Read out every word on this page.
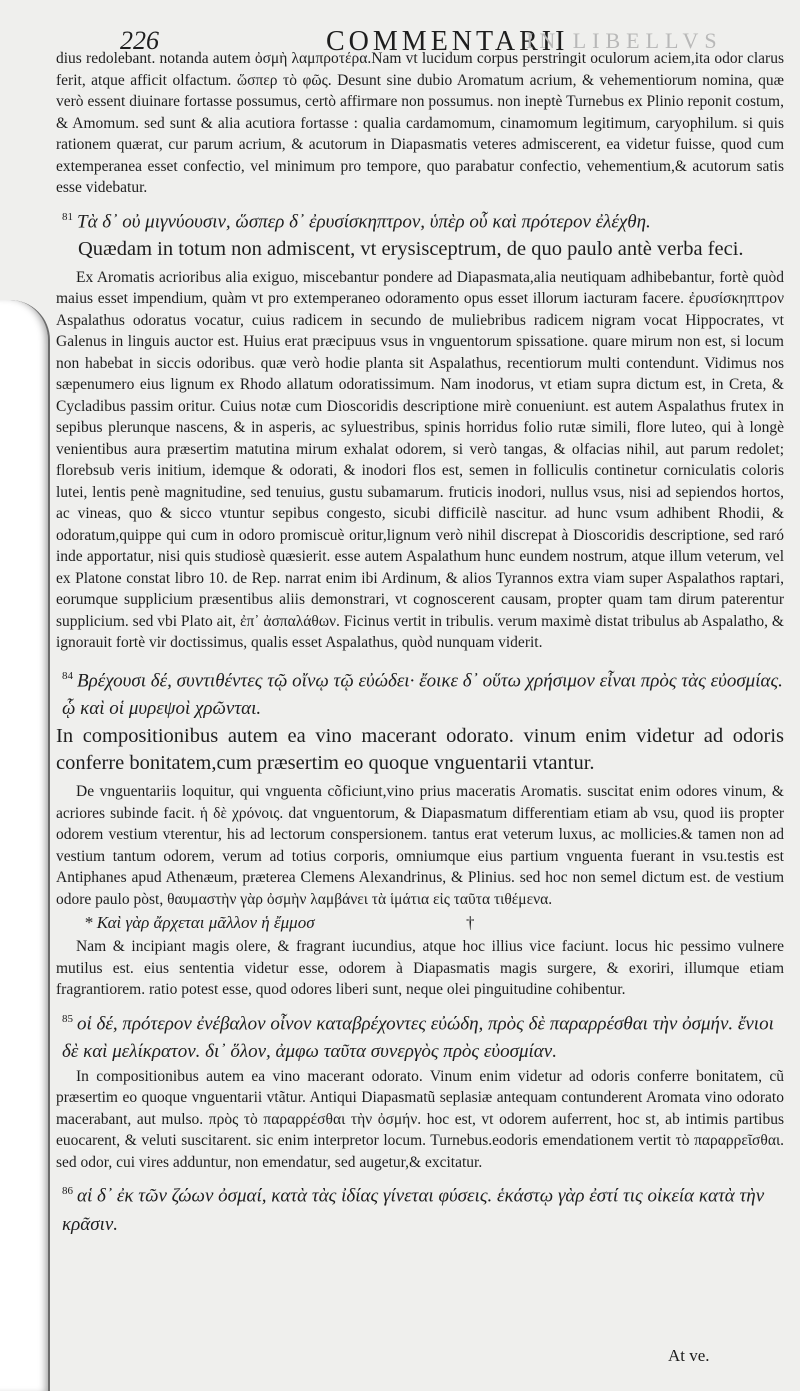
226	COMMENTARII
IN LIBELLVS

dius redolebant. notanda autem ὀσμὴ λαμπροτέρα.Nam vt lucidum corpus perstringit oculorum aciem,ita odor clarus ferit, atque afficit olfactum. ὥσπερ τὸ φῶς. Desunt sine dubio Aromatum acrium, & vehementiorum nomina, quæ verò essent diuinare fortasse possumus, certò affirmare non possumus. non ineptè Turnebus ex Plinio reponit costum, & Amomum. sed sunt & alia acutiora fortasse : qualia cardamomum, cinamomum legitimum, caryophilum. si quis rationem quærat, cur parum acrium, & acutorum in Diapasmatis veteres admiscerent, ea videtur fuisse, quod cum extemperanea esset confectio, vel minimum pro tempore, quo parabatur confectio, vehementium,& acutorum satis esse videbatur.

$^{81}$ Τὰ δ᾽ οὐ μιγνύουσιν, ὥσπερ δ᾽ ἐρυσίσκηπτρον, ὑπὲρ οὗ καὶ πρότερον ἐλέχθη.

Quædam in totum non admiscent, vt erysisceptrum, de quo paulo antè verba feci.

Ex Aromatis acrioribus alia exiguo, miscebantur pondere ad Diapasmata,alia neutiquam adhibebantur, fortè quòd maius esset impendium, quàm vt pro extemperaneo odoramento opus esset illorum iacturam facere. ἐρυσίσκηπτρον Aspalathus odoratus vocatur, cuius radicem in secundo de muliebribus radicem nigram vocat Hippocrates, vt Galenus in linguis auctor est. Huius erat præcipuus vsus in vnguentorum spissatione. quare mirum non est, si locum non habebat in siccis odoribus. quæ verò hodie planta sit Aspalathus, recentiorum multi contendunt. Vidimus nos sæpenumero eius lignum ex Rhodo allatum odoratissimum. Nam inodorus, vt etiam supra dictum est, in Creta, & Cycladibus passim oritur. Cuius notæ cum Dioscoridis descriptione mirè conueniunt. est autem Aspalathus frutex in sepibus plerunque nascens, & in asperis, ac syluestribus, spinis horridus folio rutæ simili, flore luteo, qui à longè venientibus aura præsertim matutina mirum exhalat odorem, si verò tangas, & olfacias nihil, aut parum redolet; florebsub veris initium, idemque & odorati, & inodori flos est, semen in folliculis continetur corniculatis coloris lutei, lentis penè magnitudine, sed tenuius, gustu subamarum. fruticis inodori, nullus vsus, nisi ad sepiendos hortos, ac vineas, quo & sicco vtuntur sepibus congesto, sicubi difficilè nascitur. ad hunc vsum adhibent Rhodii, & odoratum,quippe qui cum in odoro promiscuè oritur,lignum verò nihil discrepat à Dioscoridis descriptione, sed raró inde apportatur, nisi quis studiosè quæsierit. esse autem Aspalathum hunc eundem nostrum, atque illum veterum, vel ex Platone constat libro 10. de Rep. narrat enim ibi Ardinum, & alios Tyrannos extra viam super Aspalathos raptari, eorumque supplicium præsentibus aliis demonstrari, vt cognoscerent causam, propter quam tam dirum paterentur supplicium. sed vbi Plato ait, ἐπ᾽ ἀσπαλάθων. Ficinus vertit in tribulis. verum maximè distat tribulus ab Aspalatho, & ignorauit fortè vir doctissimus, qualis esset Aspalathus, quòd nunquam viderit.

$^{84}$ Βρέχουσι δέ, συντιθέντες τῷ οἴνῳ τῷ εὐώδει· ἔοικε δ᾽ οὕτω χρήσιμον εἶναι πρὸς τὰς εὐοσμίας. ᾧ καὶ οἱ μυρεψοὶ χρῶνται.

In compositionibus autem ea vino macerant odorato. vinum enim videtur ad odoris conferre bonitatem,cum præsertim eo quoque vnguentarii vtantur.

De vnguentariis loquitur, qui vnguenta cõficiunt,vino prius maceratis Aromatis. suscitat enim odores vinum, & acriores subinde facit. ἡ δὲ χρόνοις. dat vnguentorum, & Diapasmatum differentiam etiam ab vsu, quod iis propter odorem vestium vterentur, his ad lectorum conspersionem. tantus erat veterum luxus, ac mollicies.& tamen non ad vestium tantum odorem, verum ad totius corporis, omniumque eius partium vnguenta fuerant in vsu.testis est Antiphanes apud Athenæum, præterea Clemens Alexandrinus, & Plinius. sed hoc non semel dictum est. de vestium odore paulo pòst, θαυμαστὴν γὰρ ὀσμὴν λαμβάνει τὰ ἱμάτια εἰς ταῦτα τιθέμενα.

* Καὶ γὰρ ἄρχεται μᾶλλον ἡ ἔμμοσ	†

Nam & incipiant magis olere, & fragrant iucundius, atque hoc illius vice faciunt. locus hic pessimo vulnere mutilus est. eius sententia videtur esse, odorem à Diapasmatis magis surgere, & exoriri, illumque etiam fragrantiorem. ratio potest esse, quod odores liberi sunt, neque olei pinguitudine cohibentur.

$^{85}$ οἱ δέ, πρότερον ἐνέβαλον οἶνον καταβρέχοντες εὐώδη, πρὸς δὲ παραρρέσθαι τὴν ὀσμήν. ἔνιοι δὲ καὶ μελίκρατον. δι᾽ ὅλον, ἀμφω ταῦτα συνεργὸς πρὸς εὐοσμίαν.

In compositionibus autem ea vino macerant odorato. Vinum enim videtur ad odoris conferre bonitatem, cũ præsertim eo quoque vnguentarii vtãtur. Antiqui Diapasmatũ seplasiæ antequam contunderent Aromata vino odorato macerabant, aut mulso. πρὸς τὸ παραρρέσθαι τὴν ὀσμήν. hoc est, vt odorem auferrent, hoc st, ab intimis partibus euocarent, & veluti suscitarent. sic enim interpretor locum. Turnebus.eodoris emendationem vertit τὸ παραρρεῖσθαι. sed odor, cui vires adduntur, non emendatur, sed augetur,& excitatur.

$^{86}$ αἱ δ᾽ ἐκ τῶν ζώων ὀσμαί, κατὰ τὰς ἰδίας γίνεται φύσεις. ἑκάστῳ γὰρ ἐστί τις οἰκεία κατὰ τὴν κρᾶσιν.

At ve.
